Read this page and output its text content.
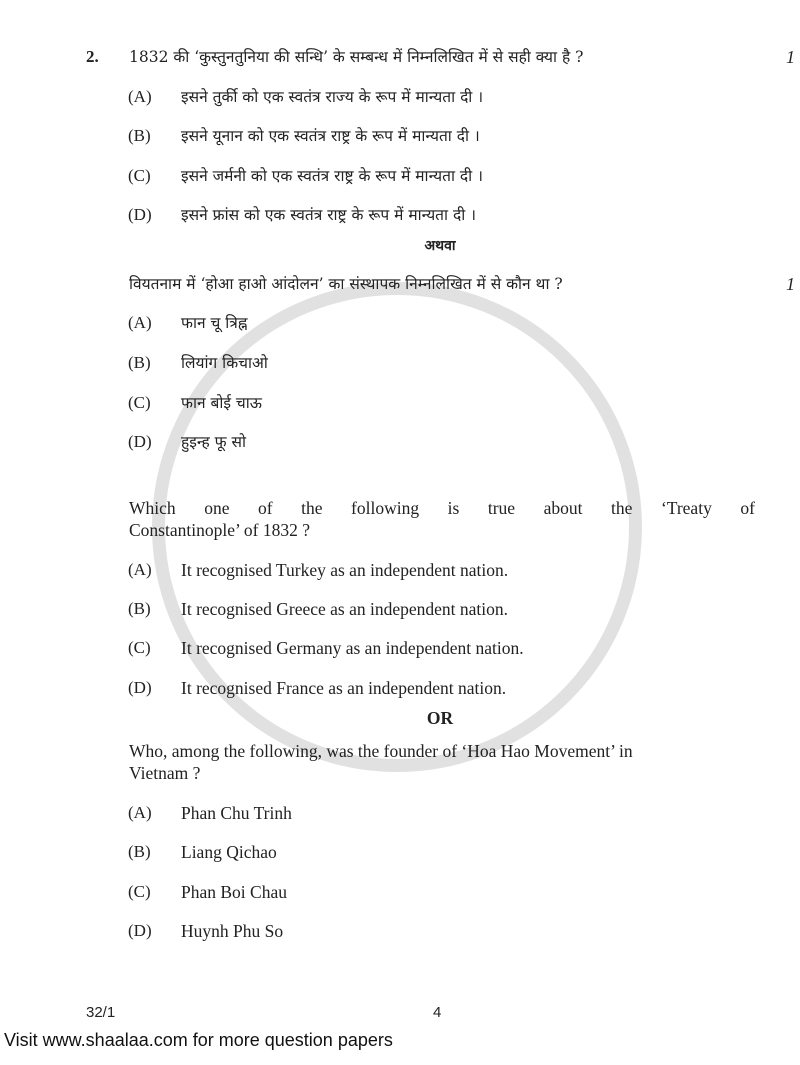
2.	1832 की ‘कुस्तुनतुनिया की सन्धि’ के सम्बन्ध में निम्नलिखित में से सही क्या है ?	1
(A)	इसने तुर्की को एक स्वतंत्र राज्य के रूप में मान्यता दी ।
(B)	इसने यूनान को एक स्वतंत्र राष्ट्र के रूप में मान्यता दी ।
(C)	इसने जर्मनी को एक स्वतंत्र राष्ट्र के रूप में मान्यता दी ।
(D)	इसने फ्रांस को एक स्वतंत्र राष्ट्र के रूप में मान्यता दी ।
अथवा
वियतनाम में ‘होआ हाओ आंदोलन’ का संस्थापक निम्नलिखित में से कौन था ?	1
(A)	फान चू त्रिह्न
(B)	लियांग किचाओ
(C)	फान बोई चाऊ
(D)	हुइन्ह फू सो
Which one of the following is true about the ‘Treaty of
Constantinople’ of 1832 ?
(A)	It recognised Turkey as an independent nation.
(B)	It recognised Greece as an independent nation.
(C)	It recognised Germany as an independent nation.
(D)	It recognised France as an independent nation.
OR
Who, among the following, was the founder of ‘Hoa Hao Movement’ in
Vietnam ?
(A)	Phan Chu Trinh
(B)	Liang Qichao
(C)	Phan Boi Chau
(D)	Huynh Phu So
32/1	4
Visit www.shaalaa.com for more question papers
